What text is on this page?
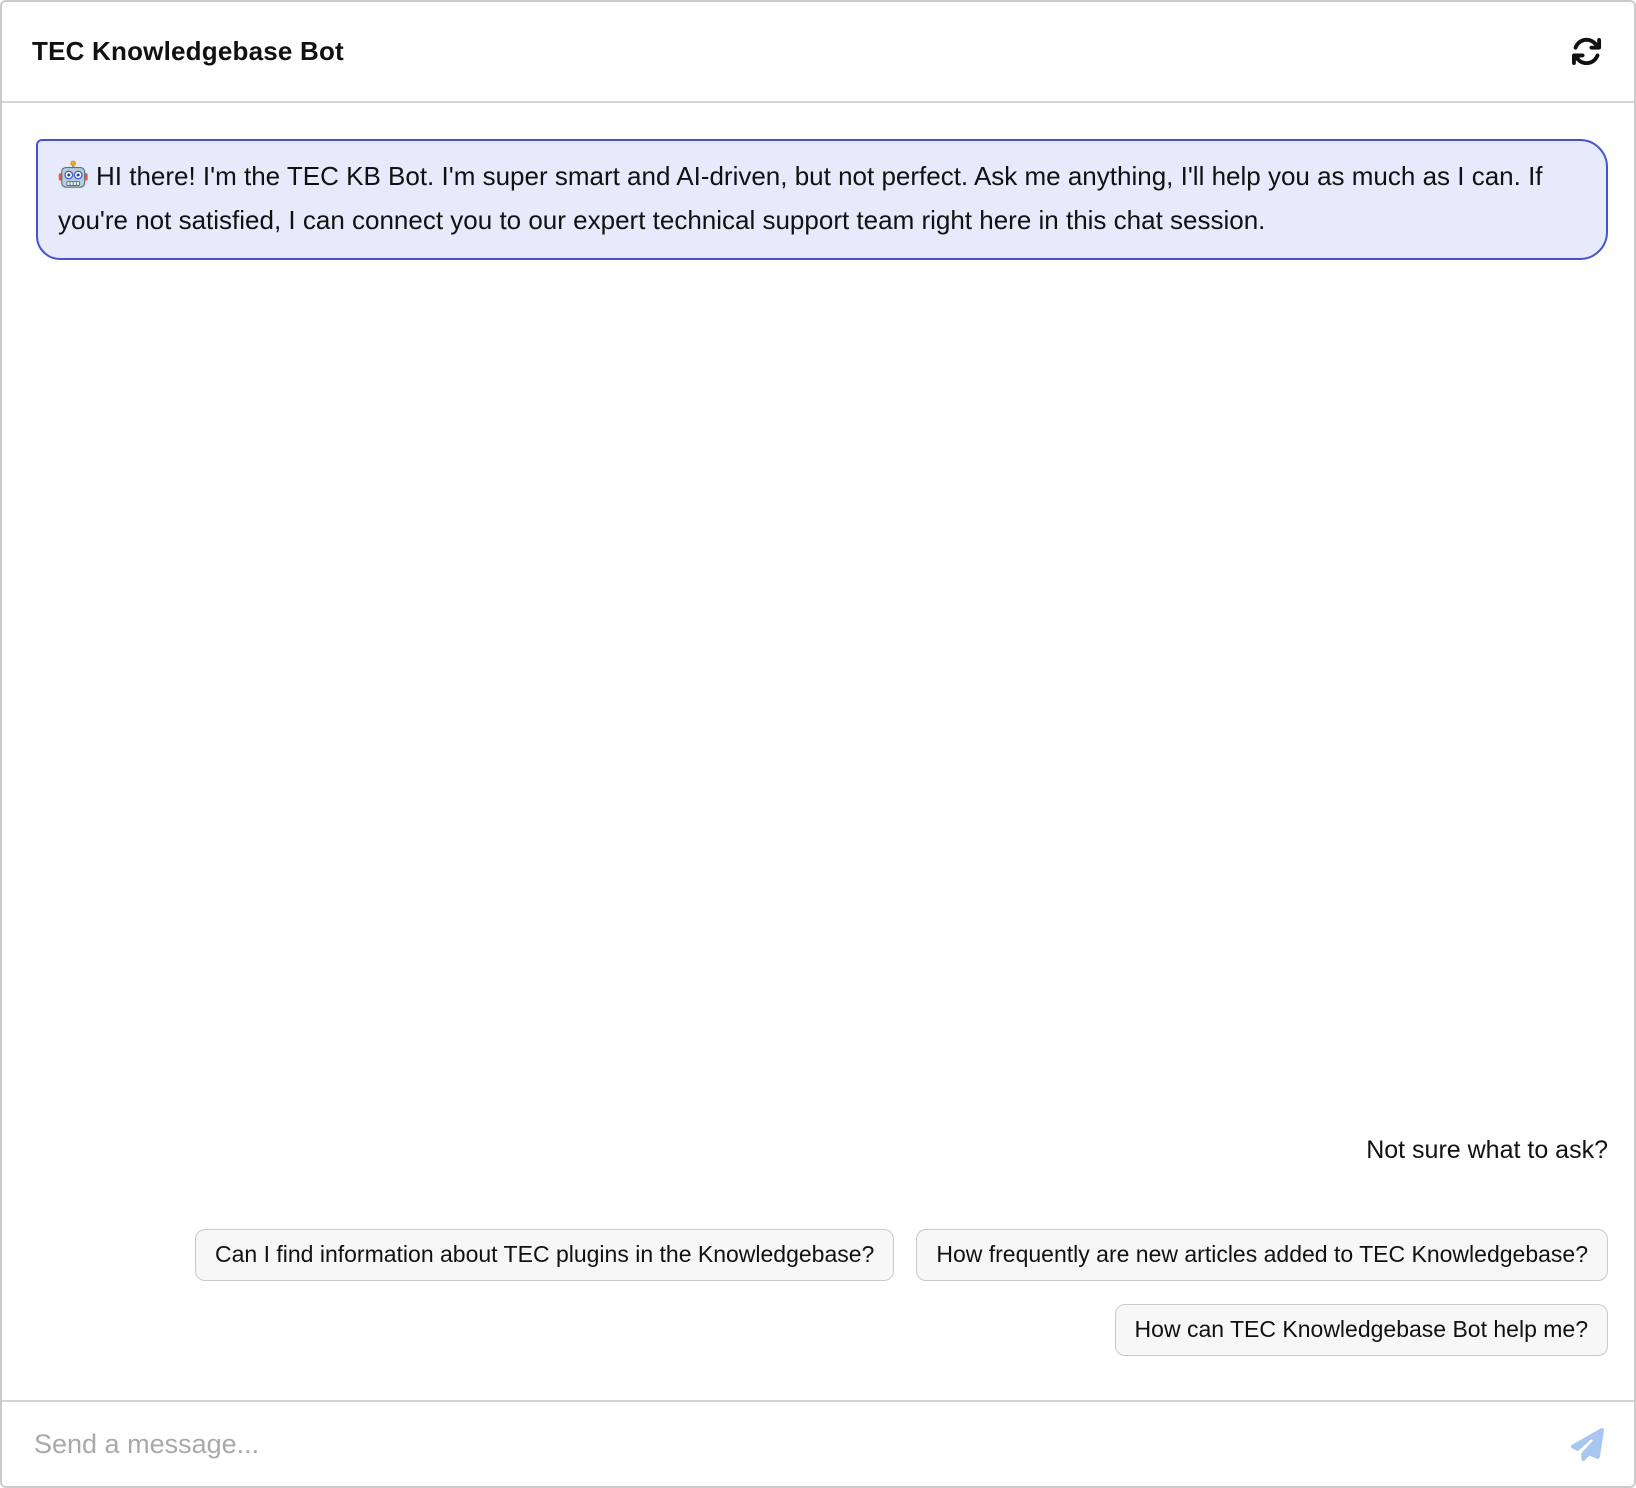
TEC Knowledgebase Bot
HI there! I'm the TEC KB Bot. I'm super smart and AI-driven, but not perfect. Ask me anything, I'll help you as much as I can. If you're not satisfied, I can connect you to our expert technical support team right here in this chat session.
Not sure what to ask?
Can I find information about TEC plugins in the Knowledgebase?	How frequently are new articles added to TEC Knowledgebase?
How can TEC Knowledgebase Bot help me?
Send a message...
